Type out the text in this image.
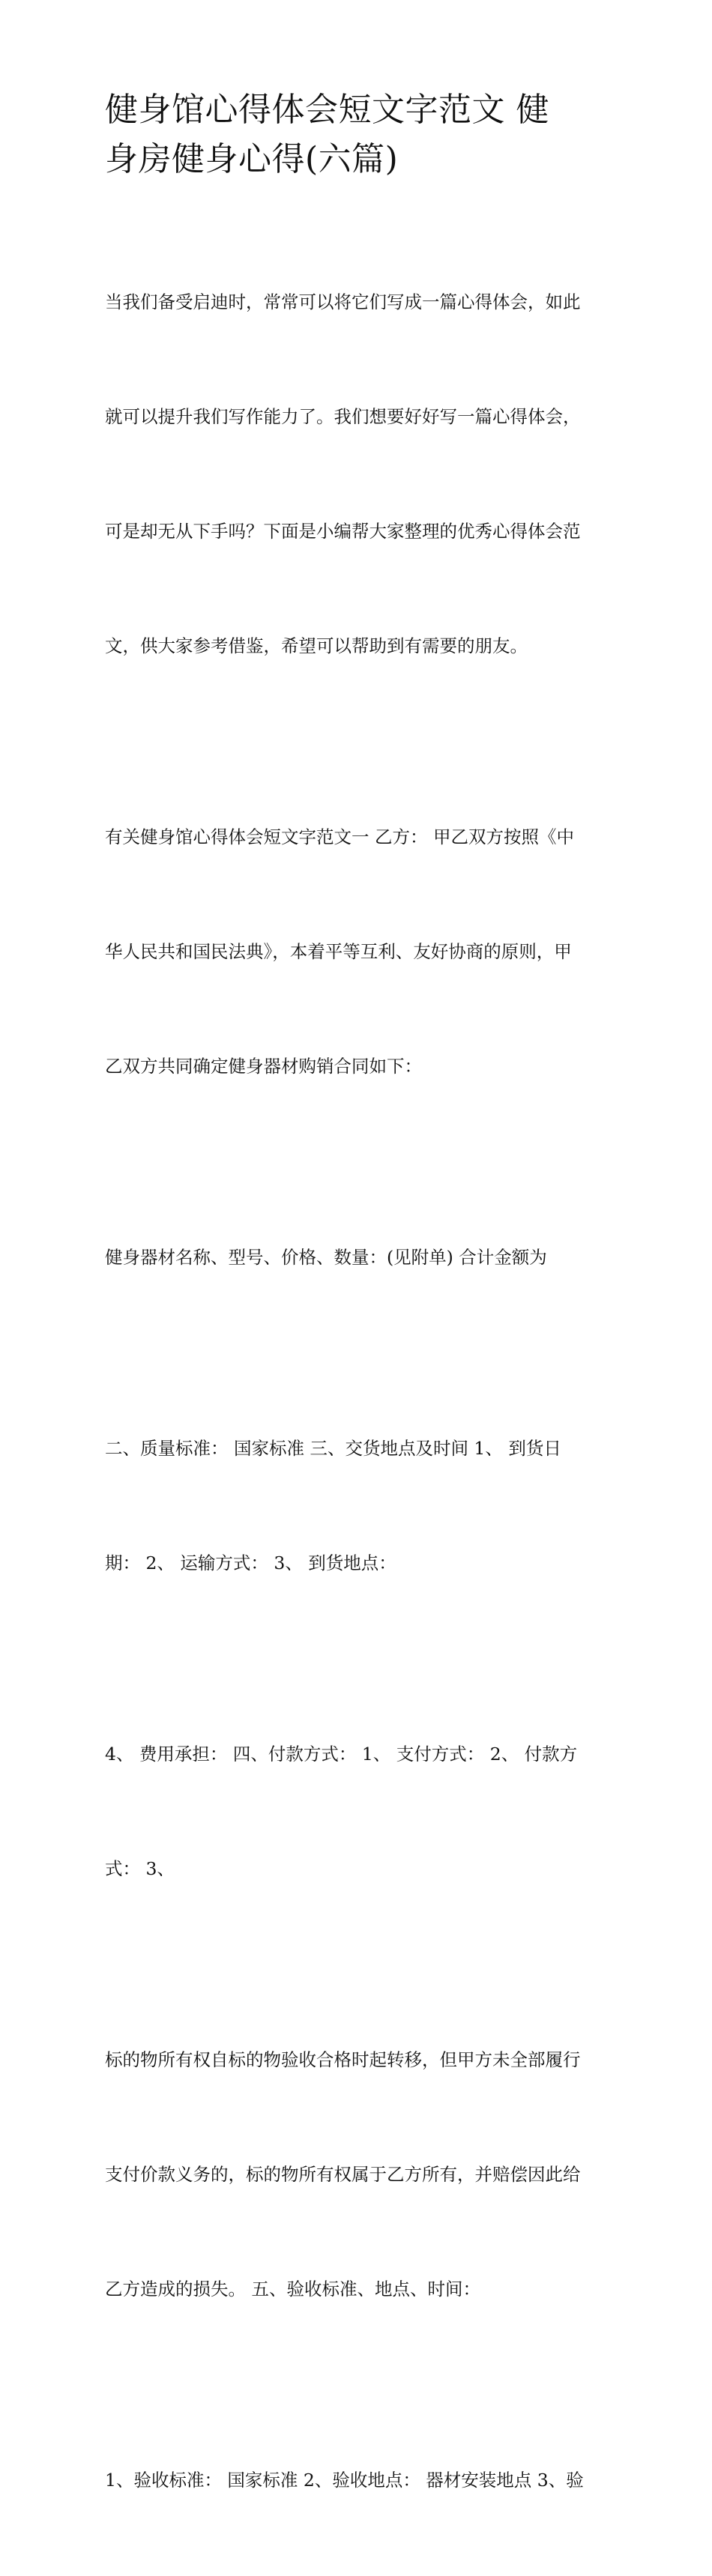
健身馆心得体会短文字范文 健
身房健身心得(六篇)

当我们备受启迪时，常常可以将它们写成一篇心得体会，如此

就可以提升我们写作能力了。我们想要好好写一篇心得体会，

可是却无从下手吗？下面是小编帮大家整理的优秀心得体会范

文，供大家参考借鉴，希望可以帮助到有需要的朋友。

有关健身馆心得体会短文字范文一 乙方： 甲乙双方按照《中

华人民共和国民法典》，本着平等互利、友好协商的原则，甲

乙双方共同确定健身器材购销合同如下：

健身器材名称、型号、价格、数量：(见附单) 合计金额为

二、质量标准： 国家标准 三、交货地点及时间 1、 到货日

期： 2、 运输方式： 3、 到货地点：

4、 费用承担： 四、付款方式： 1、 支付方式： 2、 付款方

式： 3、

标的物所有权自标的物验收合格时起转移，但甲方未全部履行

支付价款义务的，标的物所有权属于乙方所有，并赔偿因此给

乙方造成的损失。 五、验收标准、地点、时间：

1、验收标准： 国家标准 2、验收地点： 器材安装地点 3、验
